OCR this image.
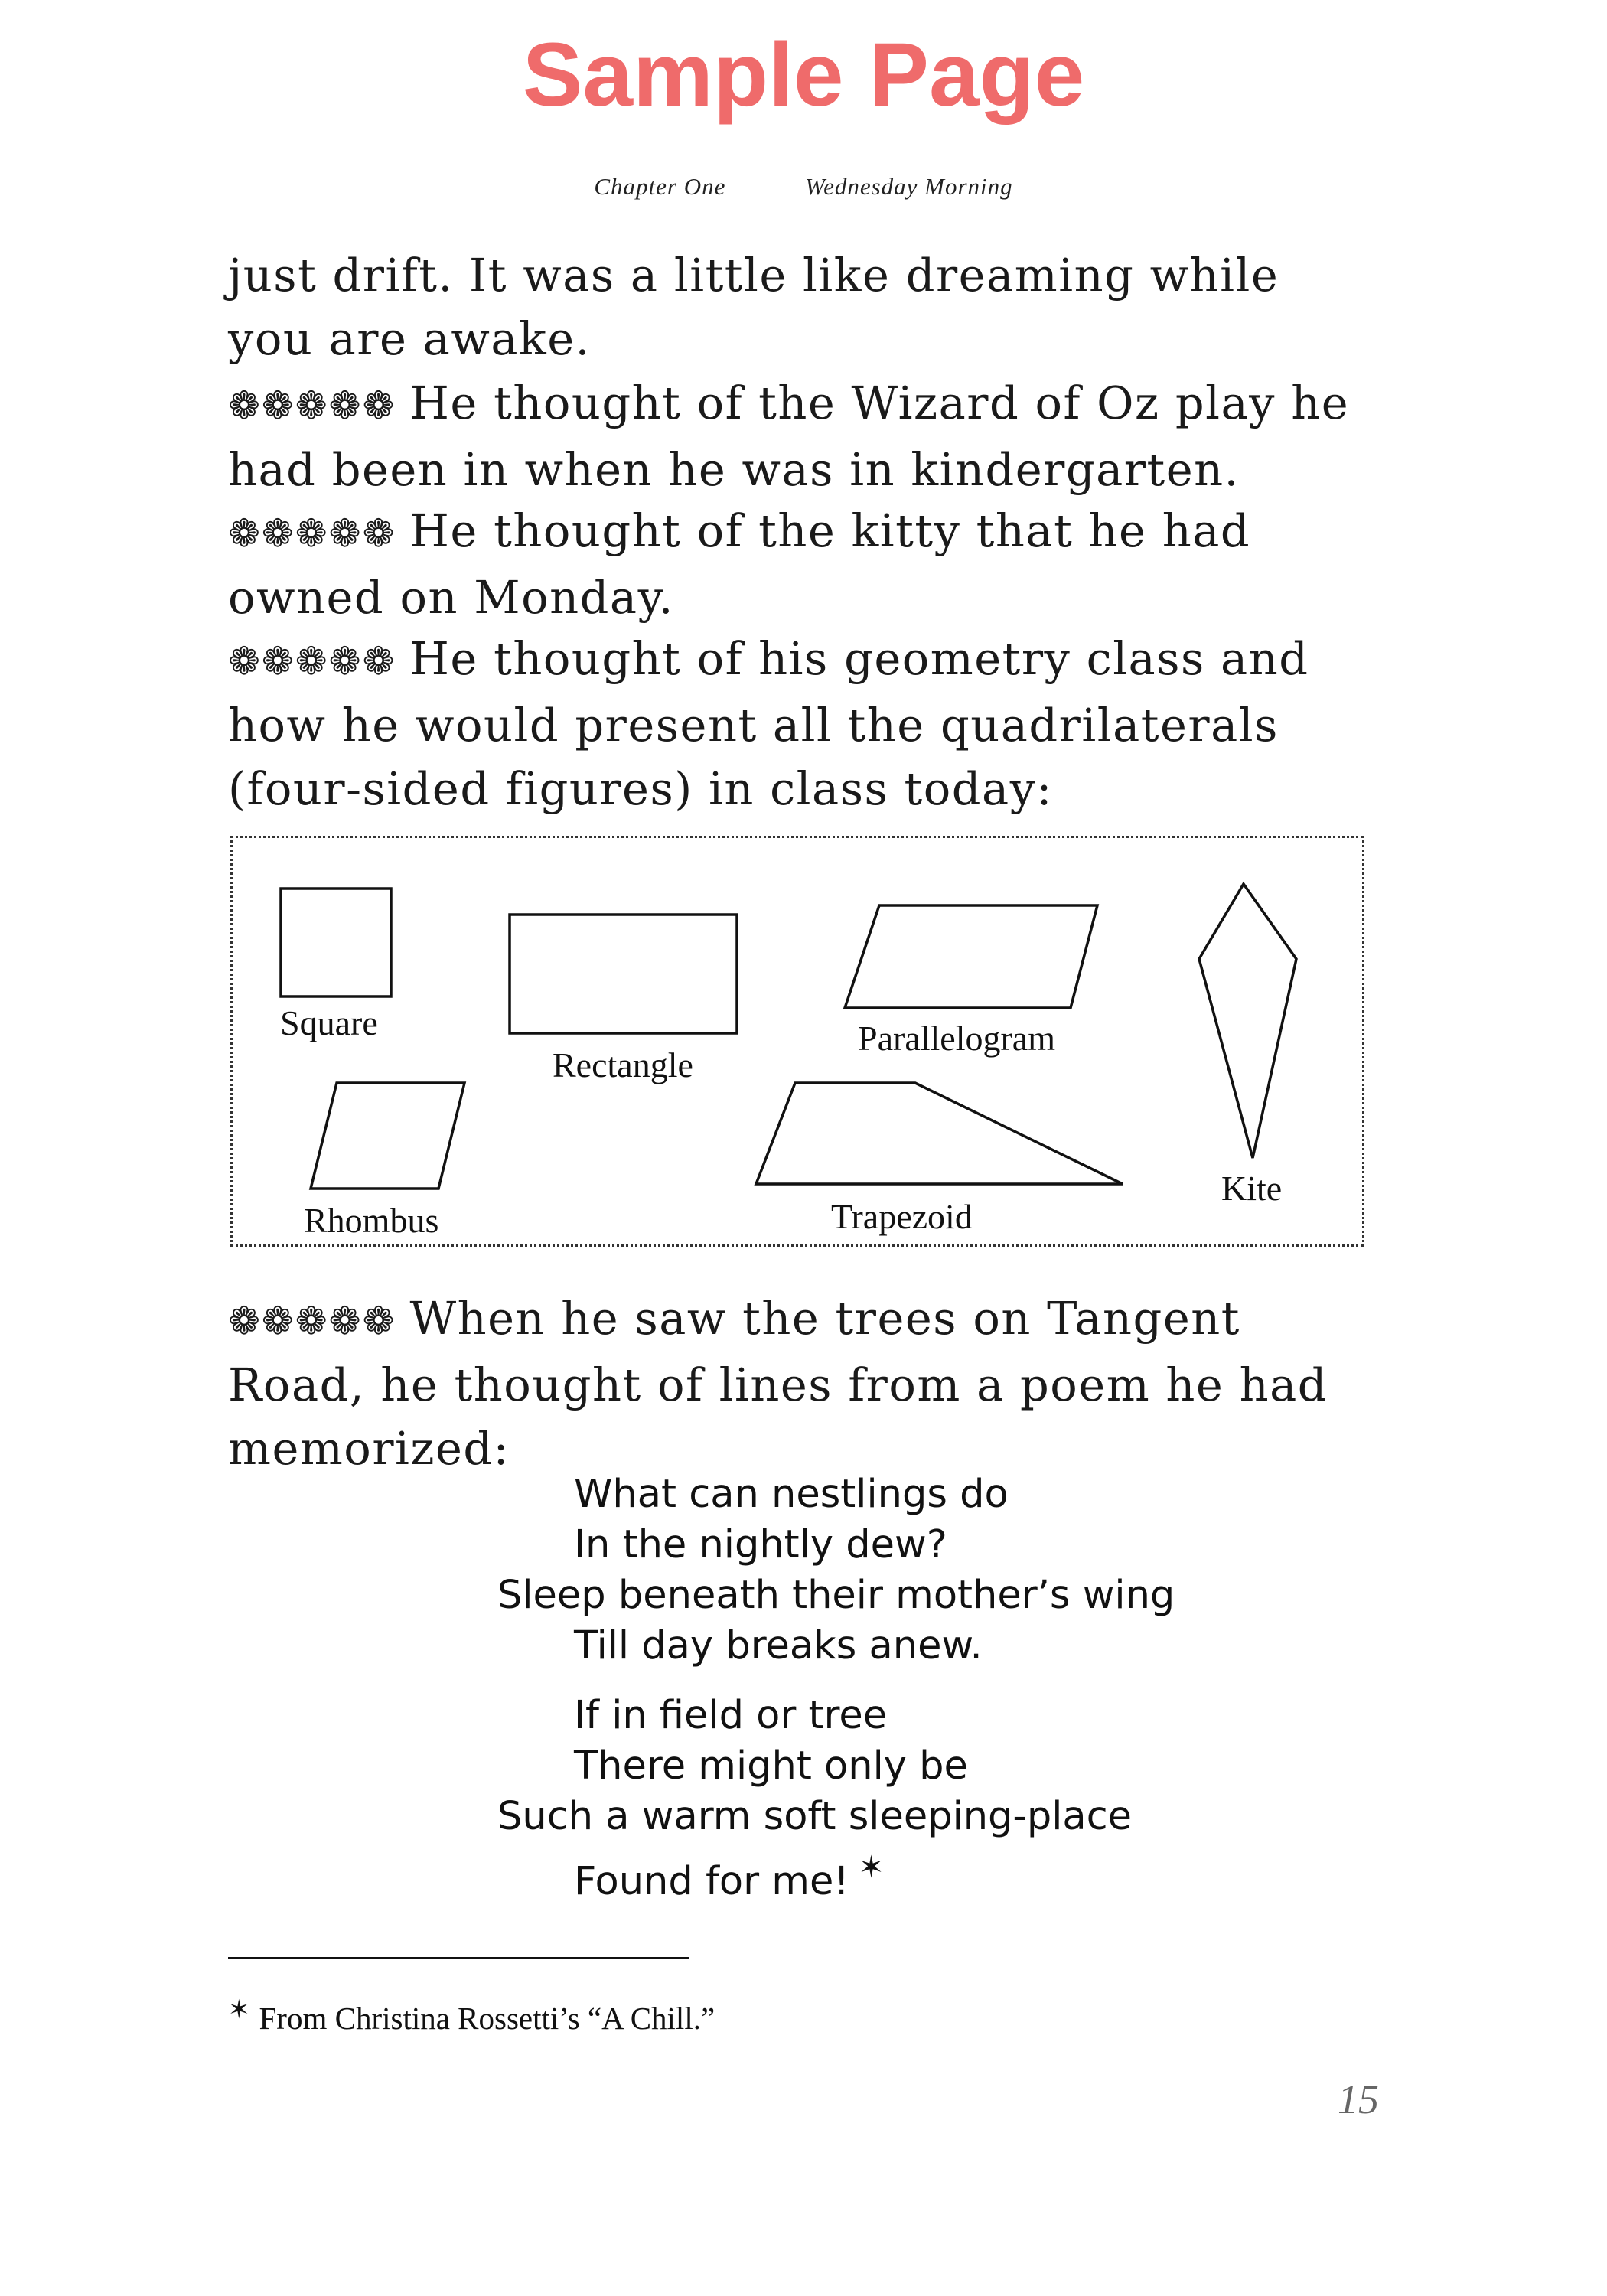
Sample Page
Chapter One	Wednesday Morning

just drift. It was a little like dreaming while
you are awake.

❁❁❁❁❁ He thought of the Wizard of Oz play he
had been in when he was in kindergarten.

❁❁❁❁❁ He thought of the kitty that he had
owned on Monday.

❁❁❁❁❁ He thought of his geometry class and
how he would present all the quadrilaterals
(four-sided figures) in class today:

Square
Rectangle
Parallelogram
Kite
Rhombus	Trapezoid

❁❁❁❁❁ When he saw the trees on Tangent
Road, he thought of lines from a poem he had
memorized:

What can nestlings do
In the nightly dew?
Sleep beneath their mother’s wing
Till day breaks anew.
If in field or tree
There might only be
Such a warm soft sleeping-place
Found for me! ✶
✶ From Christina Rossetti’s “A Chill.”
15
